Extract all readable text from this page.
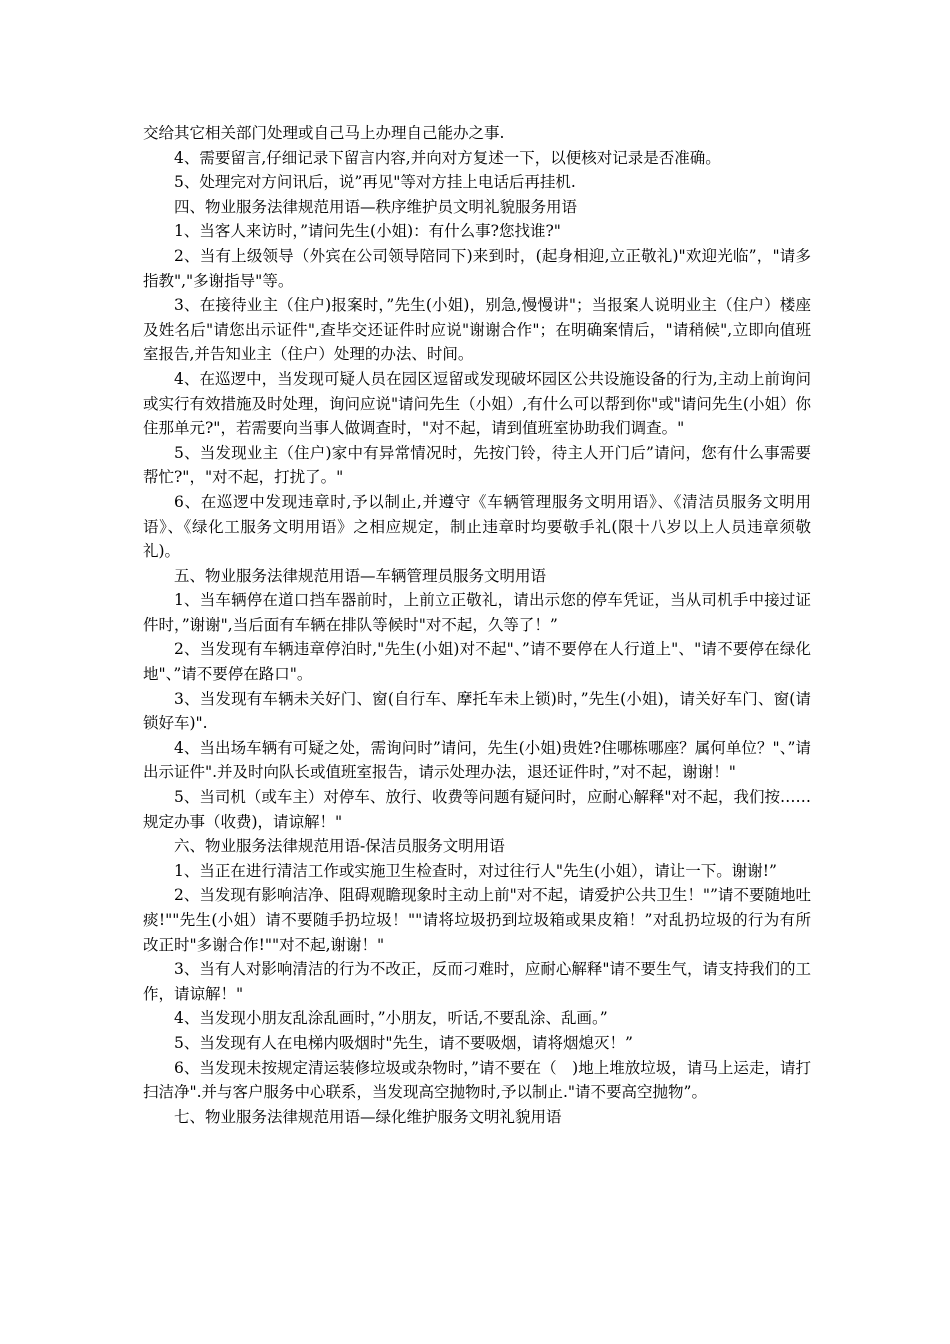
交给其它相关部门处理或自己马上办理自己能办之事.

4、需要留言,仔细记录下留言内容,并向对方复述一下，以便核对记录是否准确。

5、处理完对方问讯后，说”再见"等对方挂上电话后再挂机.

四、物业服务法律规范用语—秩序维护员文明礼貌服务用语

1、当客人来访时，”请问先生(小姐)：有什么事?您找谁?"

2、当有上级领导（外宾在公司领导陪同下)来到时，(起身相迎,立正敬礼)"欢迎光临”，"请多指教","多谢指导"等。

3、在接待业主（住户)报案时，”先生(小姐)，别急,慢慢讲"；当报案人说明业主（住户）楼座及姓名后"请您出示证件",查毕交还证件时应说"谢谢合作"；在明确案情后，"请稍候",立即向值班室报告,并告知业主（住户）处理的办法、时间。

4、在巡逻中，当发现可疑人员在园区逗留或发现破坏园区公共设施设备的行为,主动上前询问或实行有效措施及时处理，询问应说"请问先生（小姐）,有什么可以帮到你"或"请问先生(小姐）你住那单元?"，若需要向当事人做调查时，"对不起，请到值班室协助我们调查。"

5、当发现业主（住户)家中有异常情况时，先按门铃，待主人开门后”请问，您有什么事需要帮忙?"，"对不起，打扰了。"

6、在巡逻中发现违章时,予以制止,并遵守《车辆管理服务文明用语》、《清洁员服务文明用语》、《绿化工服务文明用语》之相应规定，制止违章时均要敬手礼(限十八岁以上人员违章须敬礼)。

五、物业服务法律规范用语—车辆管理员服务文明用语

1、当车辆停在道口挡车器前时，上前立正敬礼，请出示您的停车凭证，当从司机手中接过证件时，”谢谢",当后面有车辆在排队等候时"对不起，久等了！”

2、当发现有车辆违章停泊时,"先生(小姐)对不起"、”请不要停在人行道上"、"请不要停在绿化地"、”请不要停在路口"。

3、当发现有车辆未关好门、窗(自行车、摩托车未上锁)时，”先生(小姐)，请关好车门、窗(请锁好车)".

4、当出场车辆有可疑之处，需询问时”请问，先生(小姐)贵姓?住哪栋哪座？属何单位？"、”请出示证件".并及时向队长或值班室报告，请示处理办法，退还证件时，”对不起，谢谢！"

5、当司机（或车主）对停车、放行、收费等问题有疑问时，应耐心解释"对不起，我们按……规定办事（收费)，请谅解！"

六、物业服务法律规范用语-保洁员服务文明用语

1、当正在进行清洁工作或实施卫生检查时，对过往行人"先生(小姐），请让一下。谢谢!”

2、当发现有影响洁净、阻碍观瞻现象时主动上前"对不起，请爱护公共卫生！"”请不要随地吐痰!""先生(小姐）请不要随手扔垃圾！""请将垃圾扔到垃圾箱或果皮箱！”对乱扔垃圾的行为有所改正时"多谢合作!""对不起,谢谢！"

3、当有人对影响清洁的行为不改正，反而刁难时，应耐心解释"请不要生气，请支持我们的工作，请谅解！"

4、当发现小朋友乱涂乱画时，”小朋友，听话,不要乱涂、乱画。”

5、当发现有人在电梯内吸烟时"先生，请不要吸烟，请将烟熄灭！”

6、当发现未按规定清运装修垃圾或杂物时，”请不要在（　)地上堆放垃圾，请马上运走，请打扫洁净".并与客户服务中心联系，当发现高空抛物时,予以制止."请不要高空抛物”。

七、物业服务法律规范用语—绿化维护服务文明礼貌用语
